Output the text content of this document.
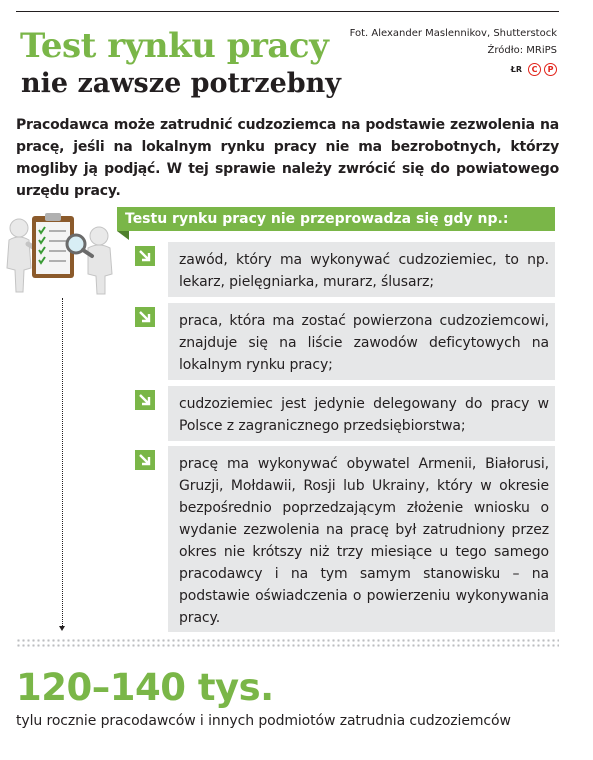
Test rynku pracy
nie zawsze potrzebny
Fot. Alexander Maslennikov, Shutterstock
Źródło: MRiPS
ŁR	C	P

Pracodawca może zatrudnić cudzoziemca na podstawie zezwolenia na pracę, jeśli na lokalnym rynku pracy nie ma bezrobotnych, którzy mogliby ją podjąć. W tej sprawie należy zwrócić się do powiatowego urzędu pracy.

Testu rynku pracy nie przeprowadza się gdy np.:

zawód, który ma wykonywać cudzoziemiec, to np. lekarz, pielęgniarka, murarz, ślusarz;

praca, która ma zostać powierzona cudzoziemcowi, znajduje się na liście zawodów deficytowych na lokalnym rynku pracy;

cudzoziemiec jest jedynie delegowany do pracy w Polsce z zagranicznego przedsiębiorstwa;

pracę ma wykonywać obywatel Armenii, Białorusi, Gruzji, Mołdawii, Rosji lub Ukrainy, który w okresie bezpośrednio poprzedzającym złożenie wniosku o wydanie zezwolenia na pracę był zatrudniony przez okres nie krótszy niż trzy miesiące u tego samego pracodawcy i na tym samym stanowisku – na podstawie oświadczenia o powierzeniu wykonywania pracy.

120–140 tys.

tylu rocznie pracodawców i innych podmiotów zatrudnia cudzoziemców
